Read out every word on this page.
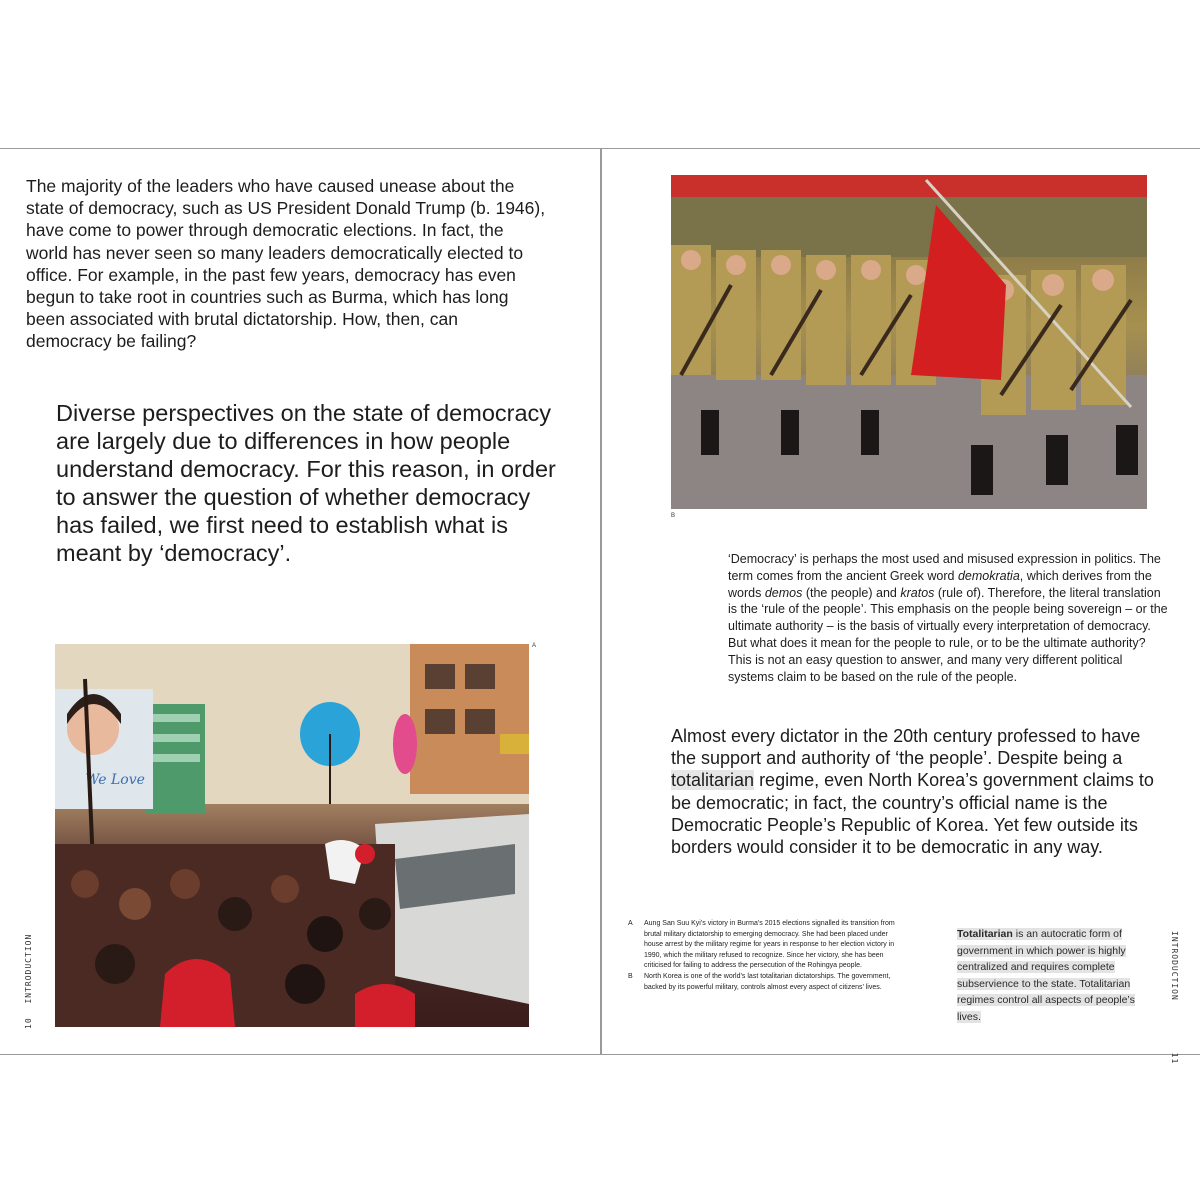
The majority of the leaders who have caused unease about the state of democracy, such as US President Donald Trump (b. 1946), have come to power through democratic elections. In fact, the world has never seen so many leaders democratically elected to office. For example, in the past few years, democracy has even begun to take root in countries such as Burma, which has long been associated with brutal dictatorship. How, then, can democracy be failing?

Diverse perspectives on the state of democracy are largely due to differences in how people understand democracy. For this reason, in order to answer the question of whether democracy has failed, we first need to establish what is meant by ‘democracy’.

We Love
A
10 INTRODUCTION
B

‘Democracy’ is perhaps the most used and misused expression in politics. The term comes from the ancient Greek word demokratia, which derives from the words demos (the people) and kratos (rule of). Therefore, the literal translation is the ‘rule of the people’. This emphasis on the people being sovereign – or the ultimate authority – is the basis of virtually every interpretation of democracy. But what does it mean for the people to rule, or to be the ultimate authority? This is not an easy question to answer, and many very different political systems claim to be based on the rule of the people.

Almost every dictator in the 20th century professed to have the support and authority of ‘the people’. Despite being a totalitarian regime, even North Korea’s government claims to be democratic; in fact, the country’s official name is the Democratic People’s Republic of Korea. Yet few outside its borders would consider it to be democratic in any way.

A	Aung San Suu Kyi’s victory in Burma’s 2015 elections signalled its transition from brutal military dictatorship to emerging democracy. She had been placed under house arrest by the military regime for years in response to her election victory in 1990, which the military refused to recognize. Since her victory, she has been criticised for failing to address the persecution of the Rohingya people.
B	North Korea is one of the world’s last totalitarian dictatorships. The government, backed by its powerful military, controls almost every aspect of citizens’ lives.
Totalitarian is an autocratic form of government in which power is highly centralized and requires complete subservience to the state. Totalitarian regimes control all aspects of people’s lives.
INTRODUCTION 11
